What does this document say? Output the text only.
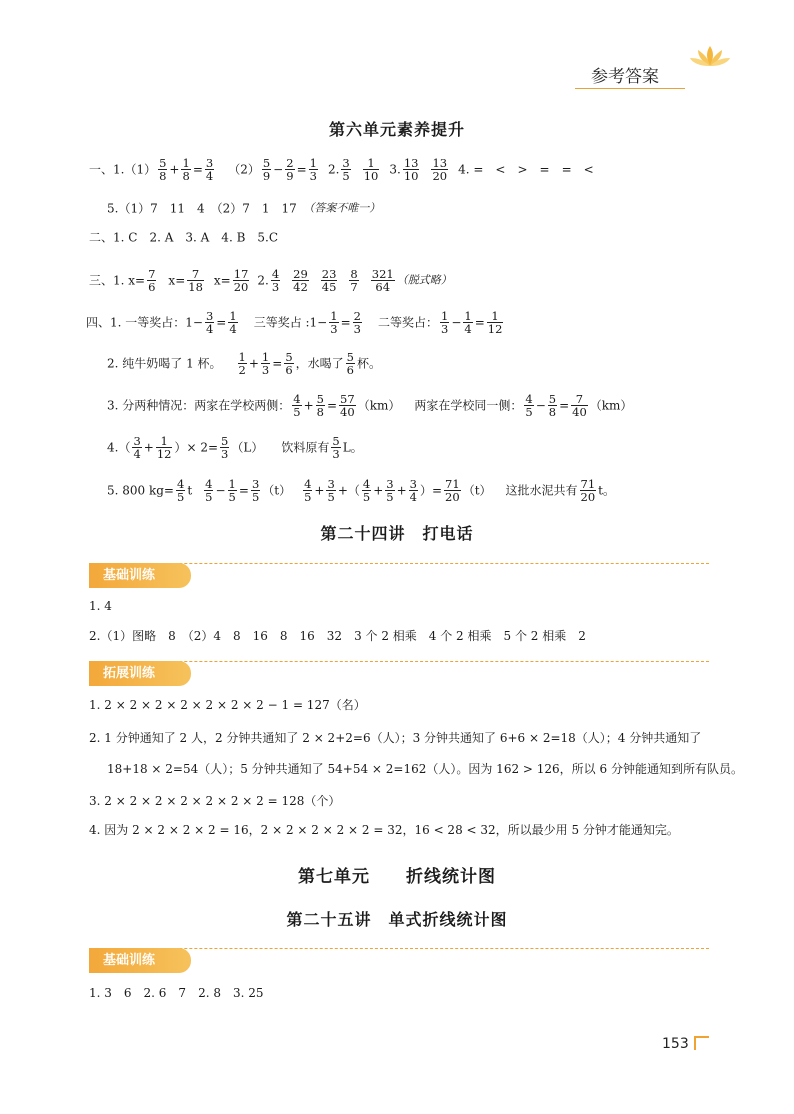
参考答案
第六单元素养提升
一、$1.(1) \frac{5}{8} + \frac{1}{8} = \frac{3}{4} (2) \frac{5}{9} - \frac{2}{9} = \frac{1}{3} 2$. $\frac{3}{5} \frac{1}{10} 3$. $\frac{13}{10} \frac{13}{20} 4$. =　<　>　=　=　<
5.（1）7　11　4　（2）7　1　17　（答案不唯一）
二、1. C　2. A　3. A　4. B　5.C
三、1. $x= \frac{7}{6} x= \frac{7}{18} x= \frac{17}{20} 2$. $\frac{4}{3} \frac{29}{42} \frac{23}{45} \frac{8}{7} \frac{321}{64}$ （脱式略）
四、1. 一等奖占：$1- \frac{3}{4} = \frac{1}{4}$ 三等奖占 :1− $\frac{1}{3} = \frac{2}{3}$ 二等奖占： $\frac{1}{3} - \frac{1}{4} = \frac{1}{12}$
2. 纯牛奶喝了 1 杯。 $\frac{1}{2} + \frac{1}{3} = \frac{5}{6}$ ，水喝了 $\frac{5}{6}$ 杯。
3. 分两种情况：两家在学校两侧： $\frac{4}{5} + \frac{5}{8} = \frac{57}{40} (km)$ 两家在学校同一侧： $\frac{4}{5} - \frac{5}{8} = \frac{7}{40} (km)$
$4.( \frac{3}{4} + \frac{1}{12}$ ）× $2= \frac{5}{3} (L)$ 饮料原有 $\frac{5}{3}$ L。
5. 800 $kg= \frac{4}{5}$ t $\frac{4}{5} - \frac{1}{5} = \frac{3}{5} (t) \frac{4}{5} + \frac{3}{5}$ +（ $\frac{4}{5} + \frac{3}{5} + \frac{3}{4}$ ）= $\frac{71}{20} (t)$ 这批水泥共有 $\frac{71}{20}$ t。
第二十四讲　打电话
基础训练
1. 4
2.（1）图略　8　（2）4　8　16　8　16　32　3 个 2 相乘　4 个 2 相乘　5 个 2 相乘　2
拓展训练
1. 2 × 2 × 2 × 2 × 2 × 2 × 2 − 1 = 127（名）
2. 1 分钟通知了 2 人，2 分钟共通知了 2 × 2+2=6（人）；3 分钟共通知了 6+6 × 2=18（人）；4 分钟共通知了
18+18 × 2=54（人）；5 分钟共通知了 54+54 × 2=162（人）。因为 162 > 126，所以 6 分钟能通知到所有队员。
3. 2 × 2 × 2 × 2 × 2 × 2 × 2 = 128（个）
4. 因为 2 × 2 × 2 × 2 = 16，2 × 2 × 2 × 2 × 2 = 32，16 < 28 < 32，所以最少用 5 分钟才能通知完。
第七单元　　折线统计图
第二十五讲　单式折线统计图
基础训练
1. 3　6　2. 6　7　2. 8　3. 25
153
